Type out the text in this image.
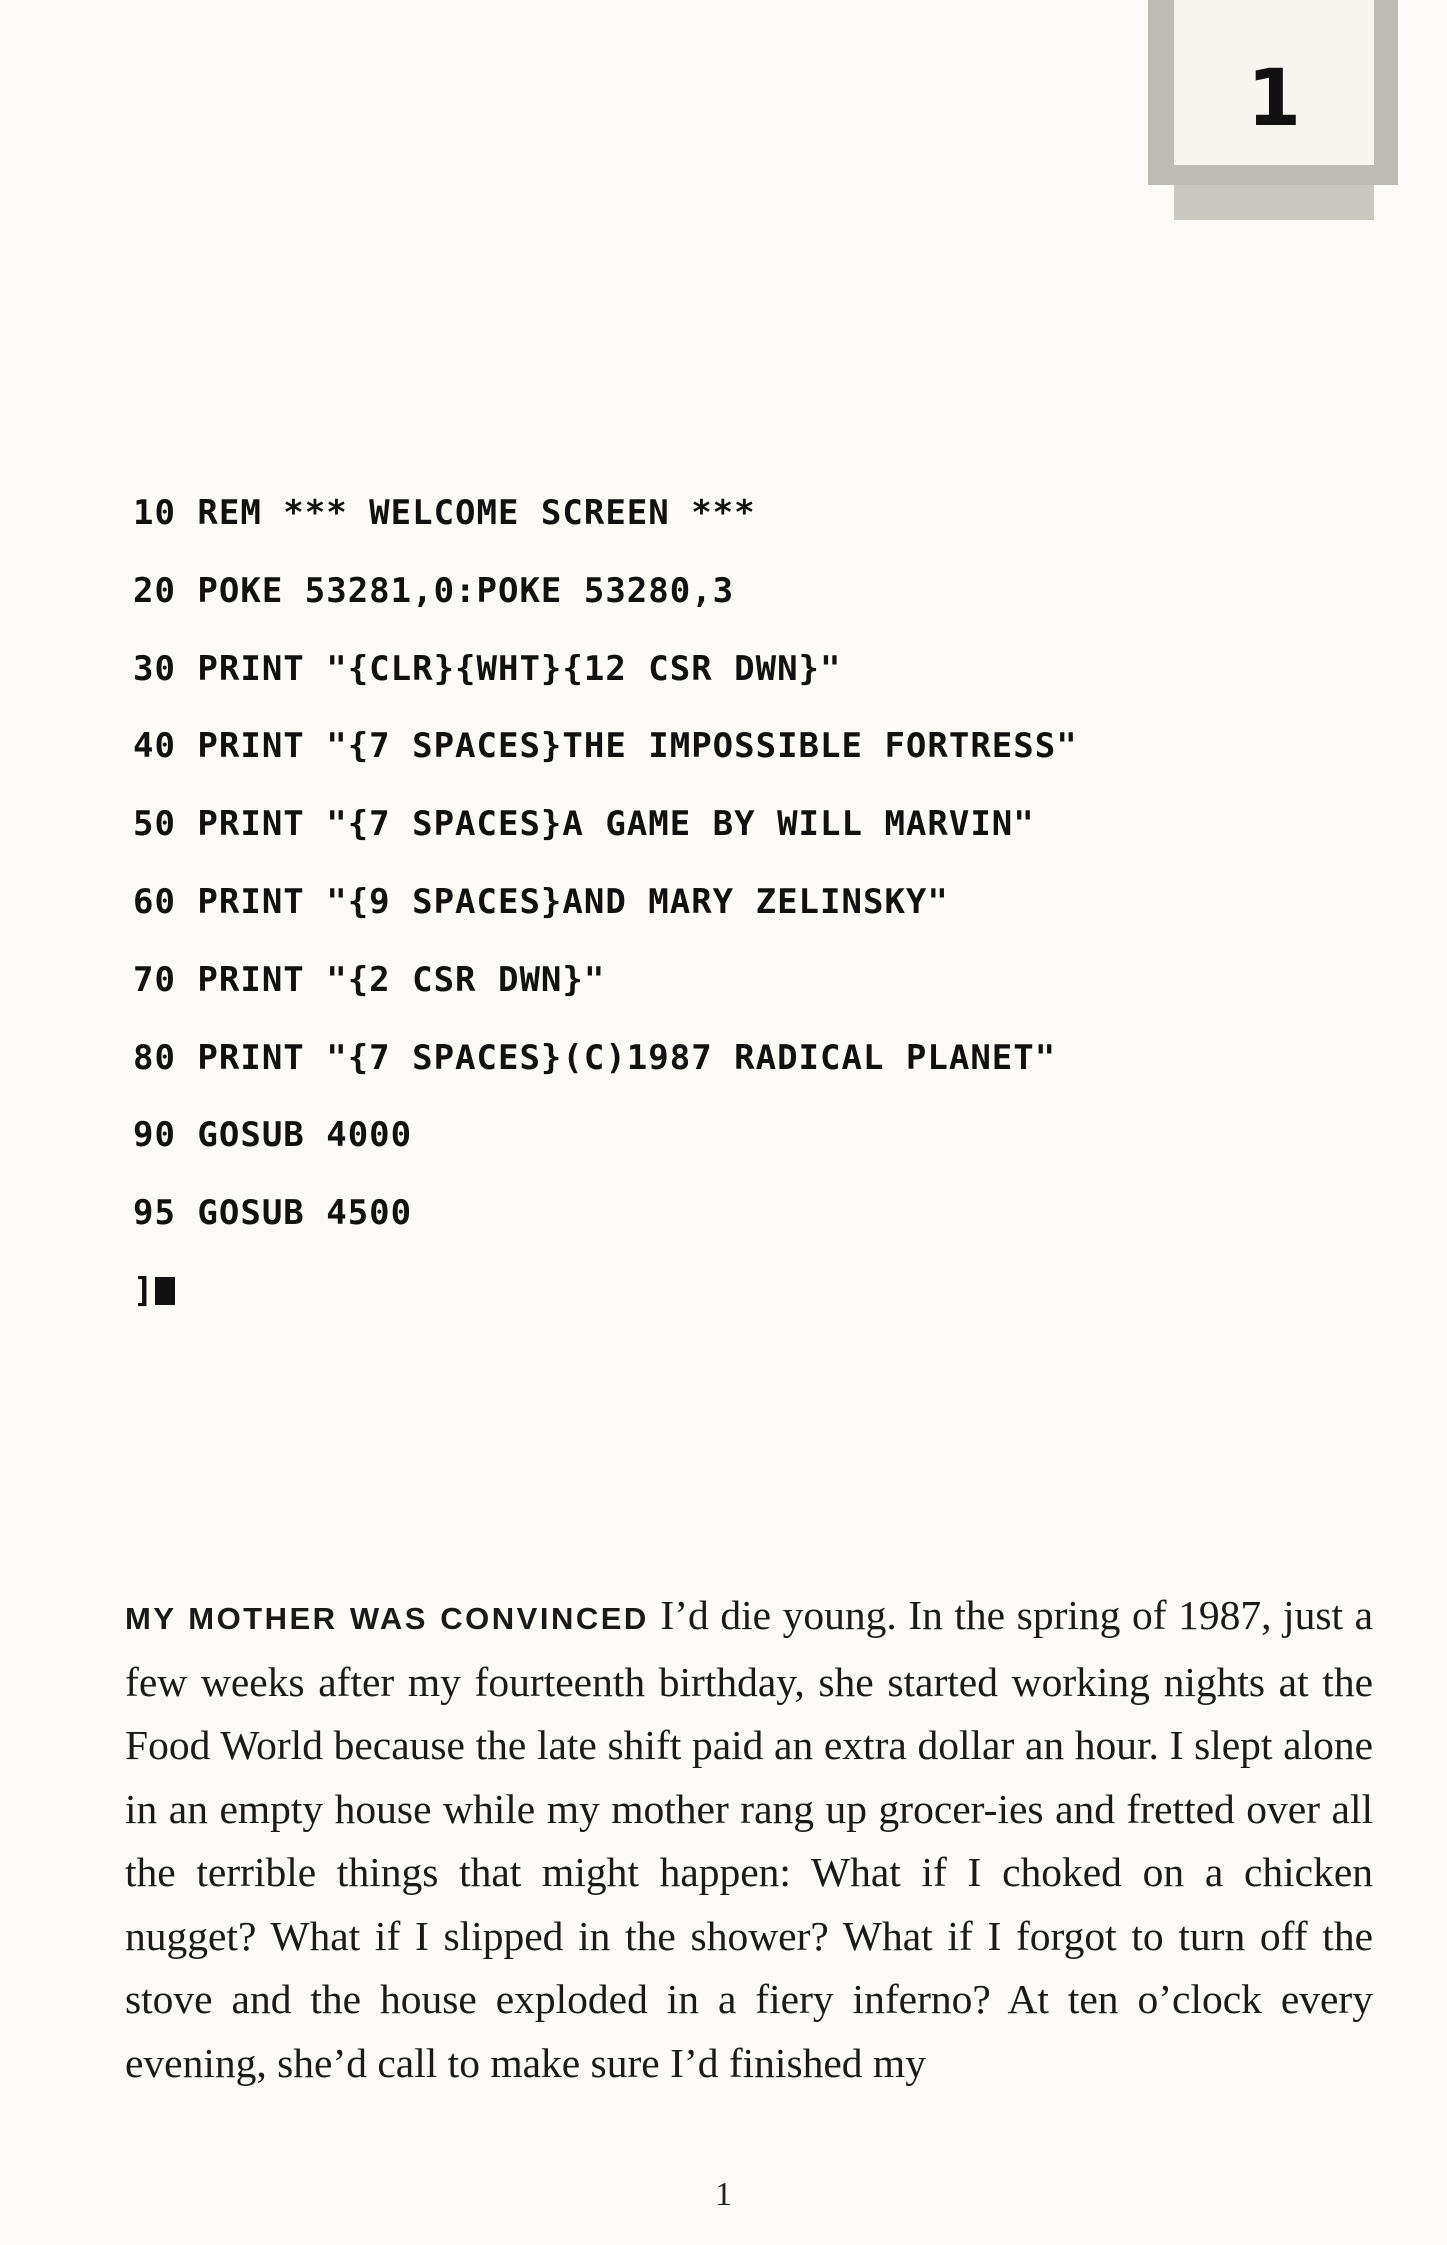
1
10 REM *** WELCOME SCREEN ***
20 POKE 53281,0:POKE 53280,3
30 PRINT "{CLR}{WHT}{12 CSR DWN}"
40 PRINT "{7 SPACES}THE IMPOSSIBLE FORTRESS"
50 PRINT "{7 SPACES}A GAME BY WILL MARVIN"
60 PRINT "{9 SPACES}AND MARY ZELINSKY"
70 PRINT "{2 CSR DWN}"
80 PRINT "{7 SPACES}(C)1987 RADICAL PLANET"
90 GOSUB 4000
95 GOSUB 4500
]
MY MOTHER WAS CONVINCED I’d die young. In the spring of 1987, just a few weeks after my fourteenth birthday, she started working nights at the Food World because the late shift paid an extra dollar an hour. I slept alone in an empty house while my mother rang up grocer-ies and fretted over all the terrible things that might happen: What if I choked on a chicken nugget? What if I slipped in the shower? What if I forgot to turn off the stove and the house exploded in a fiery inferno? At ten o’clock every evening, she’d call to make sure I’d finished my
1
